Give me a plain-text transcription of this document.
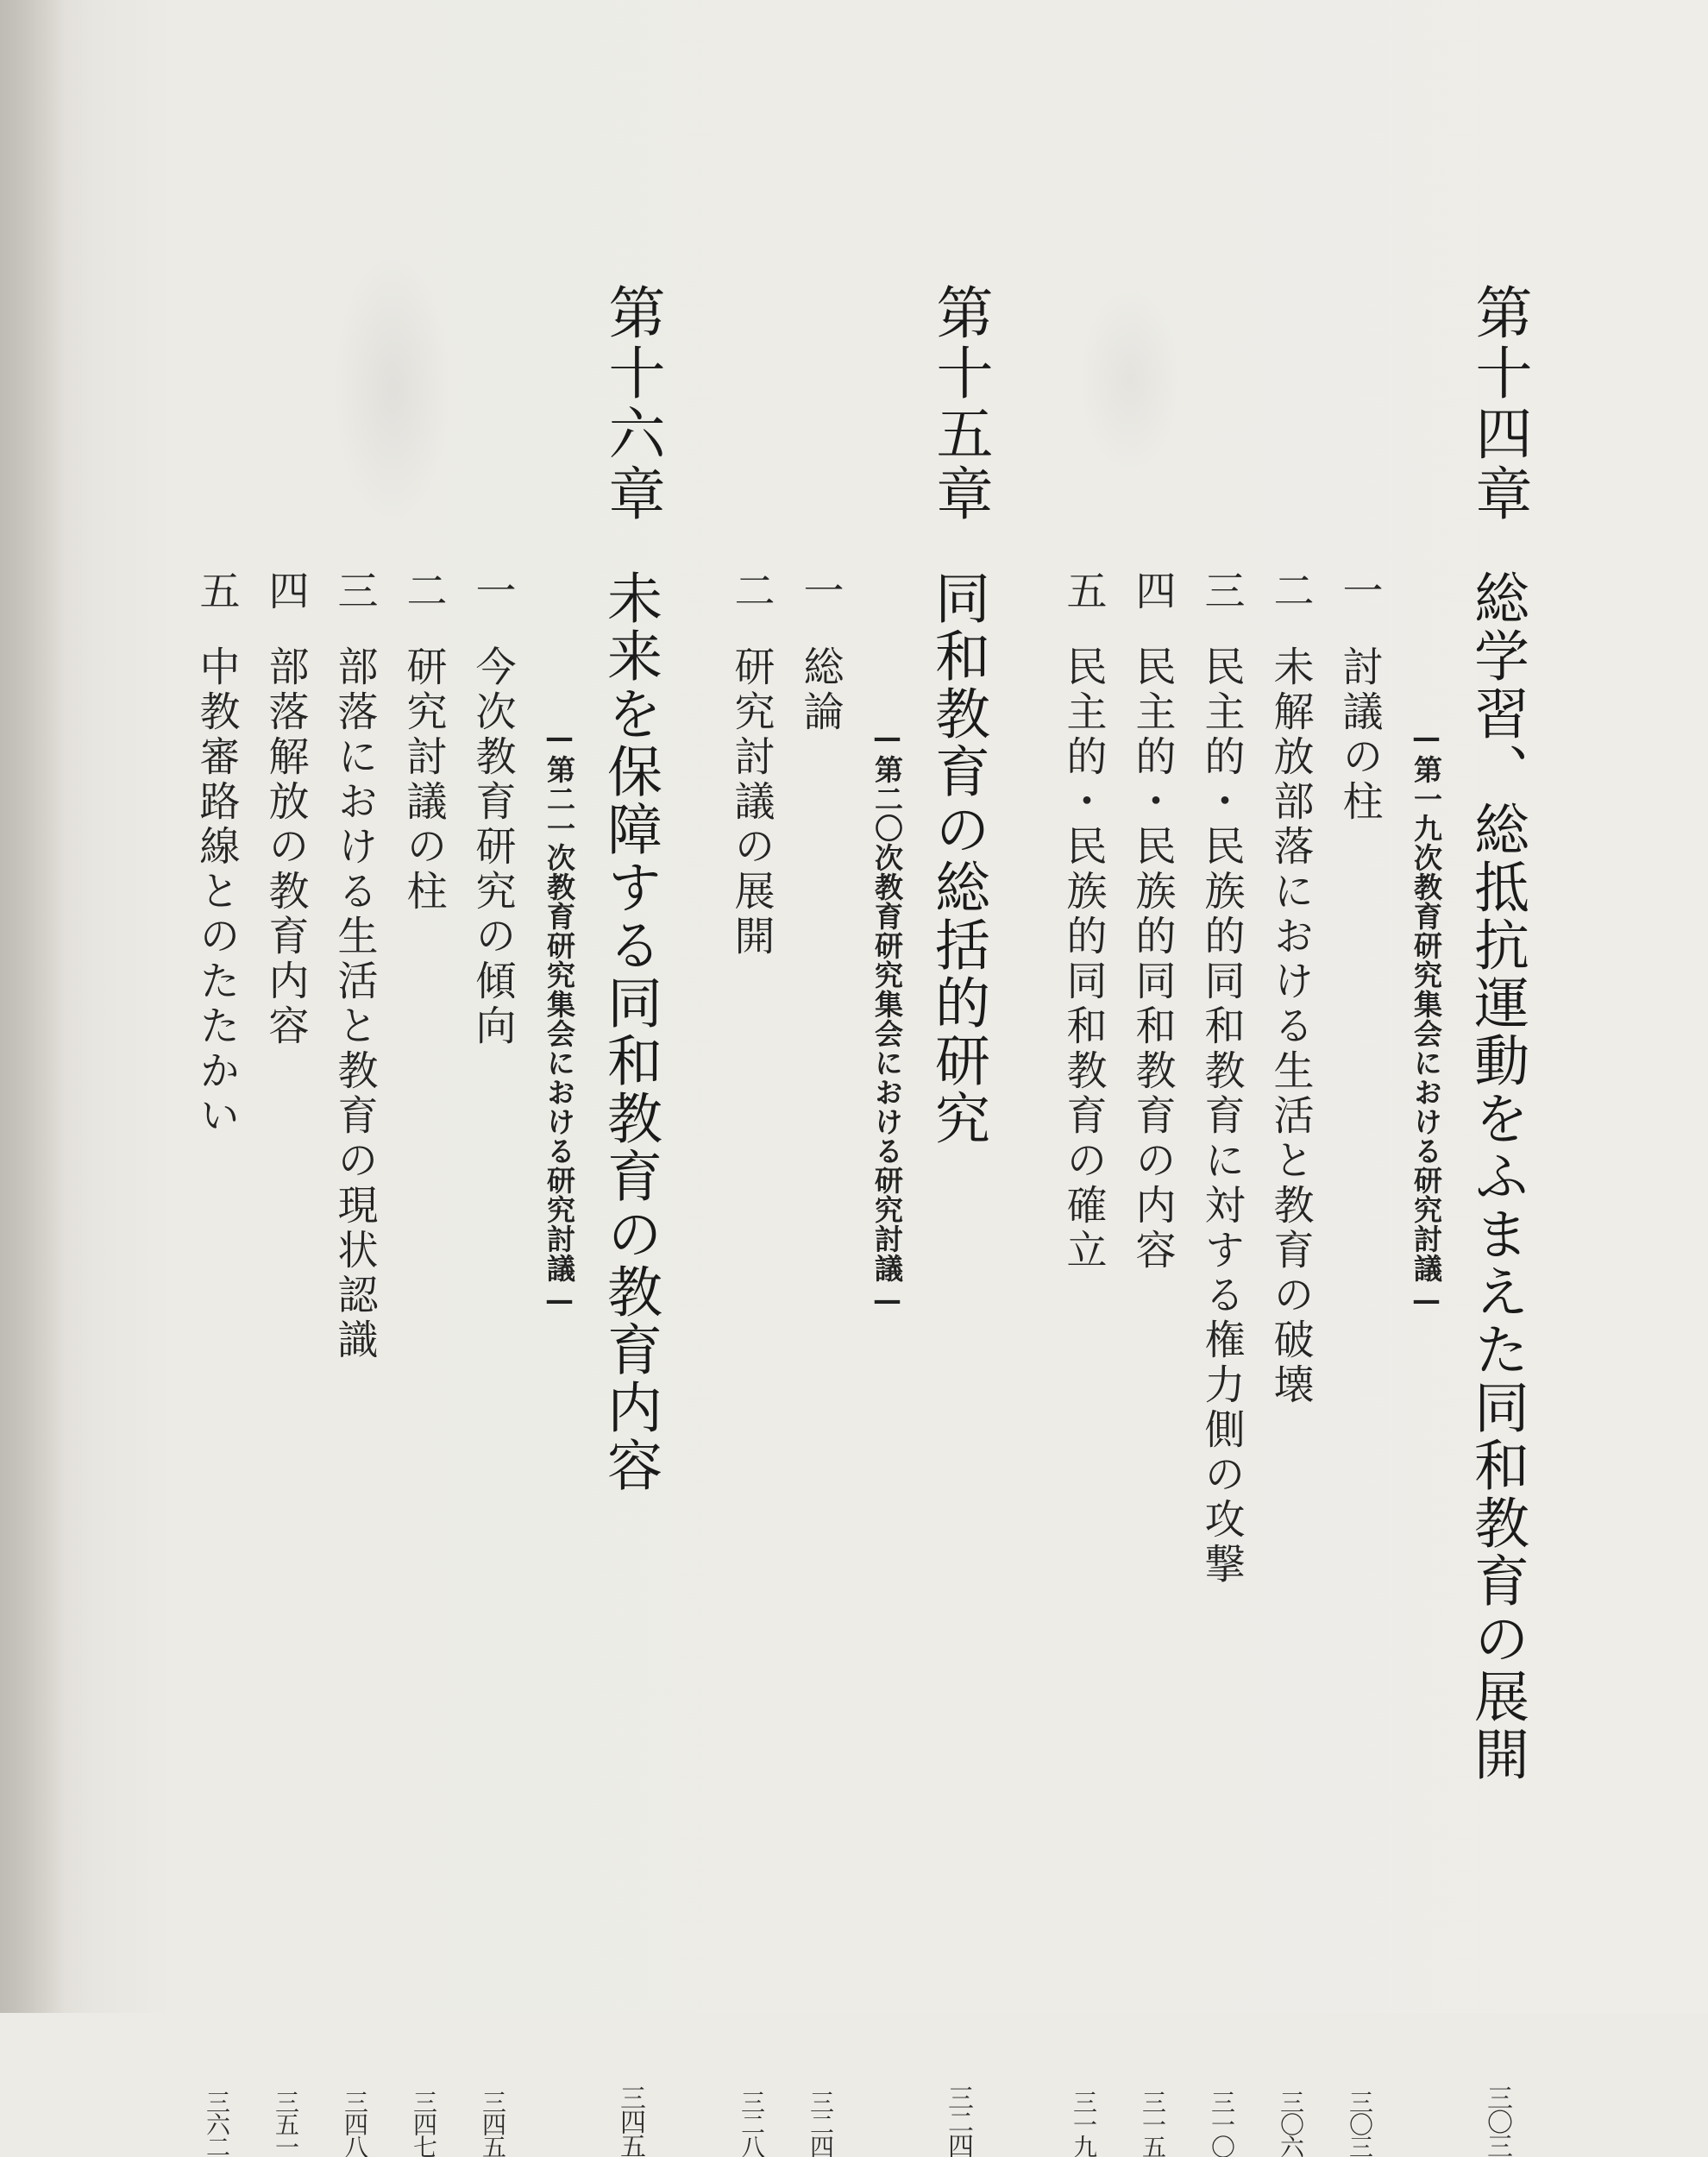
第十四章
総学習、総抵抗運動をふまえた同和教育の展開
三〇三
—第一九次教育研究集会における研究討議—
一
討議の柱
三〇三
二
未解放部落における生活と教育の破壊
三〇六
三
民主的・民族的同和教育に対する権力側の攻撃
三一〇
四
民主的・民族的同和教育の内容
三一五
五
民主的・民族的同和教育の確立
三一九
第十五章
同和教育の総括的研究
三二四
—第二〇次教育研究集会における研究討議—
一
総論
三二四
二
研究討議の展開
三二八
第十六章
未来を保障する同和教育の教育内容
三四五
—第二一次教育研究集会における研究討議—
一
今次教育研究の傾向
三四五
二
研究討議の柱
三四七
三
部落における生活と教育の現状認識
三四八
四
部落解放の教育内容
三五一
五
中教審路線とのたたかい
三六二
